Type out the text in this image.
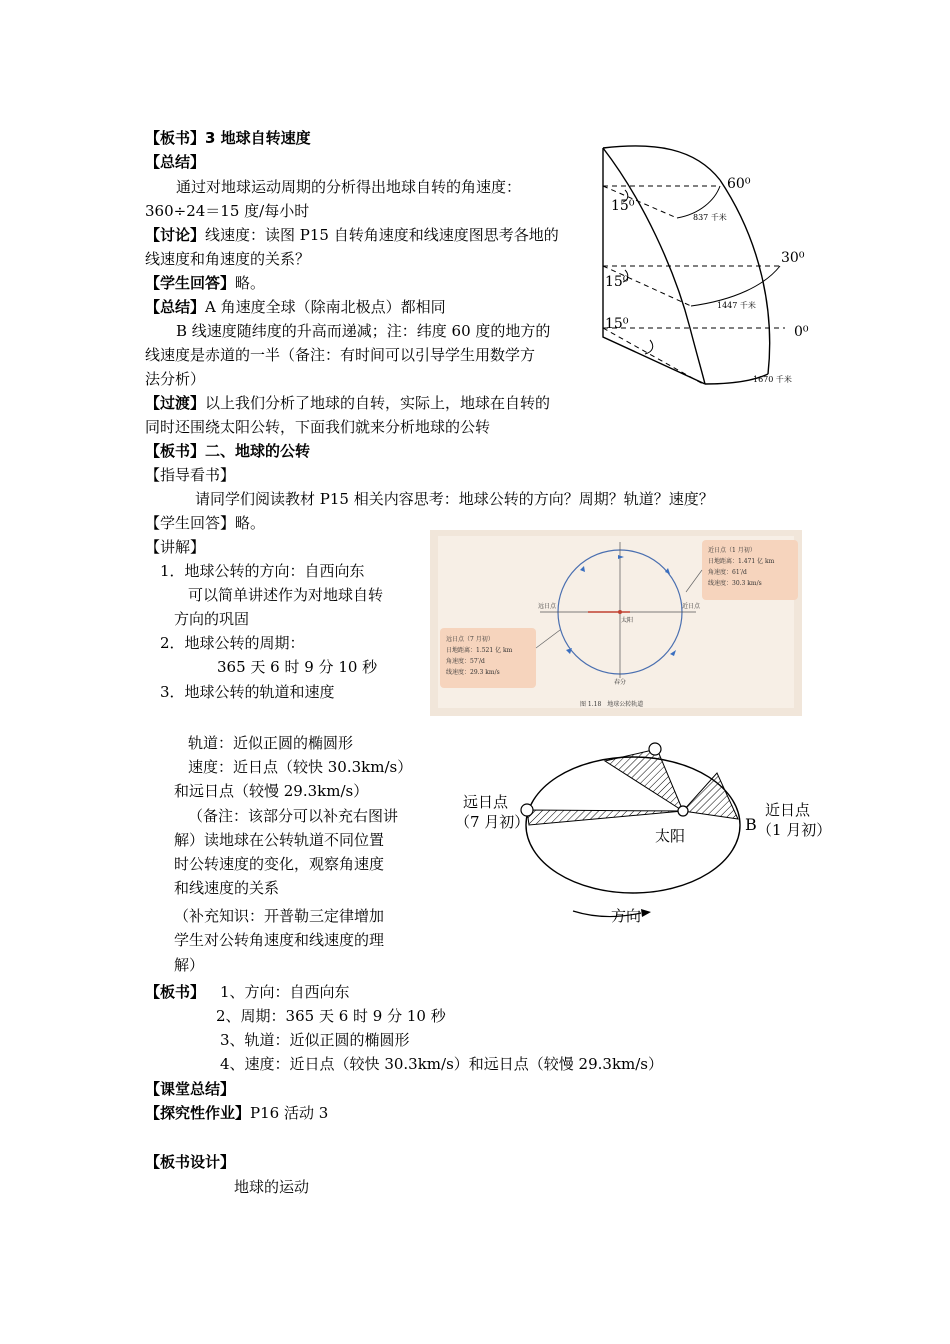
【板书】3 地球自转速度
【总结】
通过对地球运动周期的分析得出地球自转的角速度：
360÷24＝15 度/每小时
【讨论】线速度：读图 P15 自转角速度和线速度图思考各地的
线速度和角速度的关系？
【学生回答】略。
【总结】A 角速度全球（除南北极点）都相同
B 线速度随纬度的升高而递减；注：纬度 60 度的地方的
线速度是赤道的一半（备注：有时间可以引导学生用数学方
法分析）
【过渡】以上我们分析了地球的自转，实际上，地球在自转的
同时还围绕太阳公转，下面我们就来分析地球的公转
60⁰
30⁰
0⁰
15⁰
15⁰
15⁰
837 千米
1447 千米
1670 千米
【板书】二、地球的公转
【指导看书】
请同学们阅读教材 P15 相关内容思考：地球公转的方向？周期？轨道？速度？
【学生回答】略。
【讲解】
1．地球公转的方向：自西向东
可以简单讲述作为对地球自转
方向的巩固
2．地球公转的周期：
365 天 6 时 9 分 10 秒
3．地球公转的轨道和速度
轨道：近似正圆的椭圆形
速度：近日点（较快 30.3km/s）
和远日点（较慢 29.3km/s）
（备注：该部分可以补充右图讲
解）读地球在公转轨道不同位置
时公转速度的变化，观察角速度
和线速度的关系
（补充知识：开普勒三定律增加
学生对公转角速度和线速度的理
解）
远日点	近日点
春分
太阳
近日点（1 月初）
日地距离：1.471 亿 km
角速度：61′/d
线速度：30.3 km/s
远日点（7 月初）
日地距离：1.521 亿 km
角速度：57′/d
线速度：29.3 km/s
图 1.18　地球公转轨道
远日点
（7 月初）
近日点
（1 月初）
B
太阳
方向
【板书】 1、方向：自西向东
2、周期：365 天 6 时 9 分 10 秒
3、轨道：近似正圆的椭圆形
4、速度：近日点（较快 30.3km/s）和远日点（较慢 29.3km/s）
【课堂总结】
【探究性作业】P16 活动 3
【板书设计】
地球的运动
